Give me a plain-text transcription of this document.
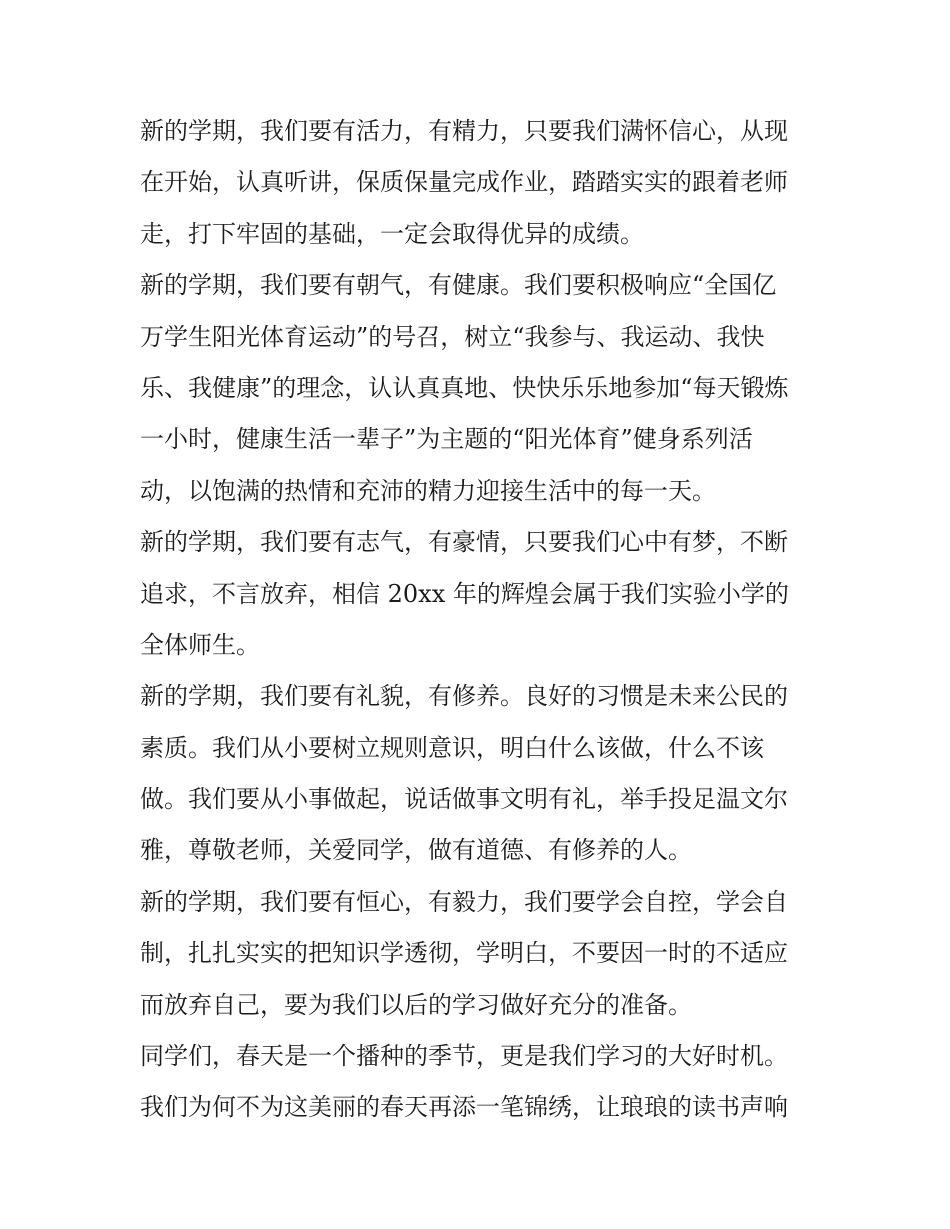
新的学期，我们要有活力，有精力，只要我们满怀信心，从现
在开始，认真听讲，保质保量完成作业，踏踏实实的跟着老师
走，打下牢固的基础，一定会取得优异的成绩。
新的学期，我们要有朝气，有健康。我们要积极响应“全国亿
万学生阳光体育运动”的号召，树立“我参与、我运动、我快
乐、我健康”的理念，认认真真地、快快乐乐地参加“每天锻炼
一小时，健康生活一辈子”为主题的“阳光体育”健身系列活
动，以饱满的热情和充沛的精力迎接生活中的每一天。
新的学期，我们要有志气，有豪情，只要我们心中有梦，不断
追求，不言放弃，相信 20xx 年的辉煌会属于我们实验小学的
全体师生。
新的学期，我们要有礼貌，有修养。良好的习惯是未来公民的
素质。我们从小要树立规则意识，明白什么该做，什么不该
做。我们要从小事做起，说话做事文明有礼，举手投足温文尔
雅，尊敬老师，关爱同学，做有道德、有修养的人。
新的学期，我们要有恒心，有毅力，我们要学会自控，学会自
制，扎扎实实的把知识学透彻，学明白，不要因一时的不适应
而放弃自己，要为我们以后的学习做好充分的准备。
同学们，春天是一个播种的季节，更是我们学习的大好时机。
我们为何不为这美丽的春天再添一笔锦绣，让琅琅的读书声响
